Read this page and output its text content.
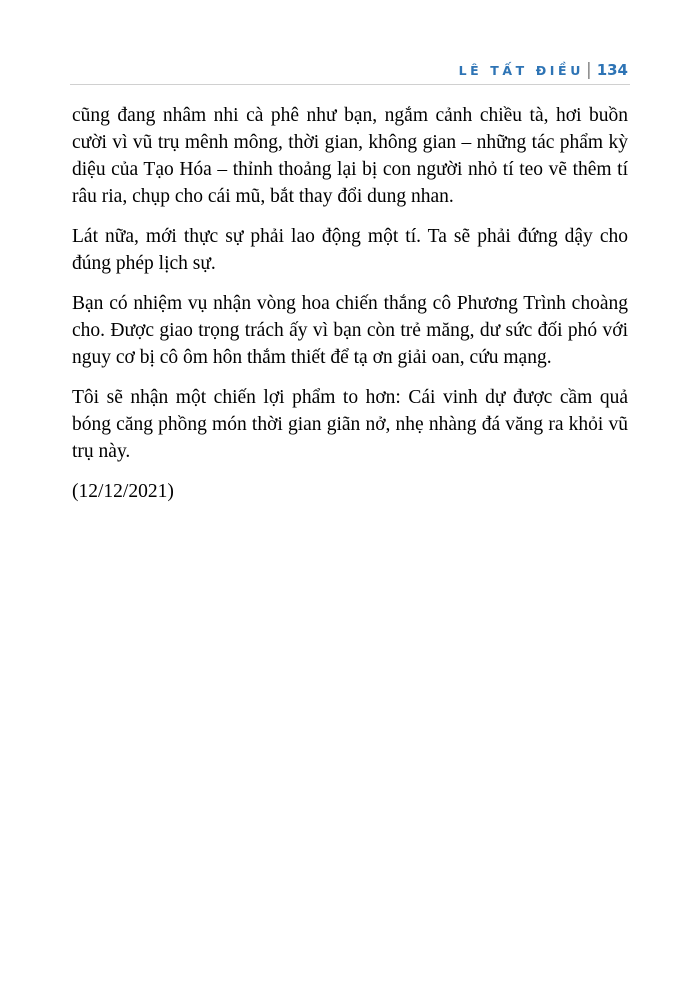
LÊ TẤT ĐIỀU | 134

cũng đang nhâm nhi cà phê như bạn, ngắm cảnh chiều tà, hơi buồn cười vì vũ trụ mênh mông, thời gian, không gian – những tác phẩm kỳ diệu của Tạo Hóa – thỉnh thoảng lại bị con người nhỏ tí teo vẽ thêm tí râu ria, chụp cho cái mũ, bắt thay đổi dung nhan.

Lát nữa, mới thực sự phải lao động một tí. Ta sẽ phải đứng dậy cho đúng phép lịch sự.

Bạn có nhiệm vụ nhận vòng hoa chiến thắng cô Phương Trình choàng cho. Được giao trọng trách ấy vì bạn còn trẻ măng, dư sức đối phó với nguy cơ bị cô ôm hôn thắm thiết để tạ ơn giải oan, cứu mạng.

Tôi sẽ nhận một chiến lợi phẩm to hơn: Cái vinh dự được cầm quả bóng căng phồng món thời gian giãn nở, nhẹ nhàng đá văng ra khỏi vũ trụ này.

(12/12/2021)
